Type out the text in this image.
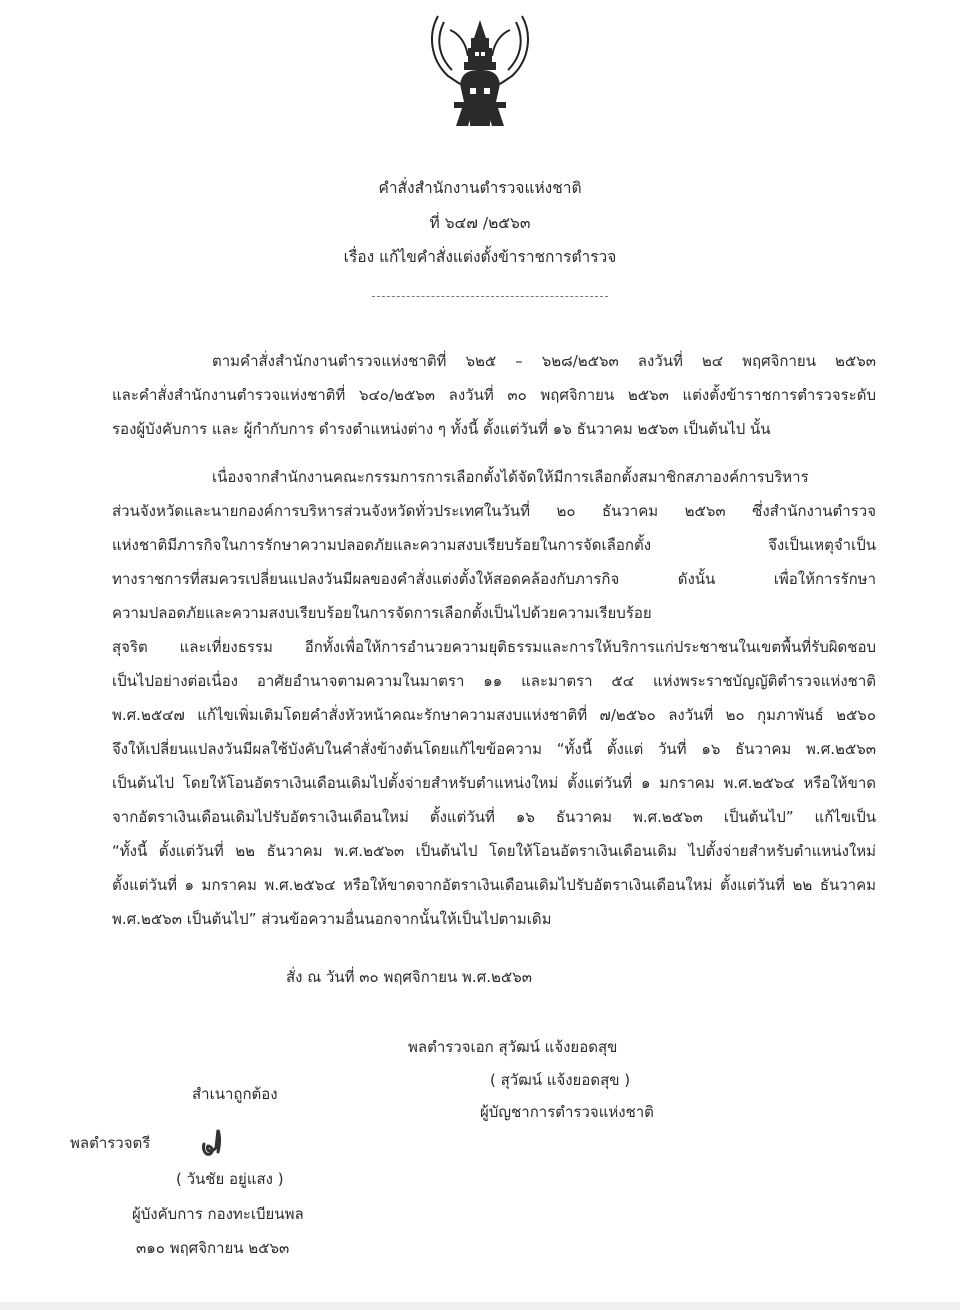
คำสั่งสำนักงานตำรวจแห่งชาติ
ที่ ๖๔๗ /๒๕๖๓
เรื่อง แก้ไขคำสั่งแต่งตั้งข้าราชการตำรวจ
ตามคำสั่งสำนักงานตำรวจแห่งชาติที่ ๖๒๕ – ๖๒๘/๒๕๖๓ ลงวันที่ ๒๔ พฤศจิกายน ๒๕๖๓
และคำสั่งสำนักงานตำรวจแห่งชาติที่ ๖๔๐/๒๕๖๓ ลงวันที่ ๓๐ พฤศจิกายน ๒๕๖๓ แต่งตั้งข้าราชการตำรวจระดับ
รองผู้บังคับการ และ ผู้กำกับการ ดำรงตำแหน่งต่าง ๆ ทั้งนี้ ตั้งแต่วันที่ ๑๖ ธันวาคม ๒๕๖๓ เป็นต้นไป นั้น
เนื่องจากสำนักงานคณะกรรมการการเลือกตั้งได้จัดให้มีการเลือกตั้งสมาชิกสภาองค์การบริหาร
ส่วนจังหวัดและนายกองค์การบริหารส่วนจังหวัดทั่วประเทศในวันที่ ๒๐ ธันวาคม ๒๕๖๓ ซึ่งสำนักงานตำรวจ
แห่งชาติมีภารกิจในการรักษาความปลอดภัยและความสงบเรียบร้อยในการจัดเลือกตั้ง จึงเป็นเหตุจำเป็น
ทางราชการที่สมควรเปลี่ยนแปลงวันมีผลของคำสั่งแต่งตั้งให้สอดคล้องกับภารกิจ ดังนั้น เพื่อให้การรักษา
ความปลอดภัยและความสงบเรียบร้อยในการจัดการเลือกตั้งเป็นไปด้วยความเรียบร้อย
สุจริต และเที่ยงธรรม อีกทั้งเพื่อให้การอำนวยความยุติธรรมและการให้บริการแก่ประชาชนในเขตพื้นที่รับผิดชอบ
เป็นไปอย่างต่อเนื่อง อาศัยอำนาจตามความในมาตรา ๑๑ และมาตรา ๕๔ แห่งพระราชบัญญัติตำรวจแห่งชาติ
พ.ศ.๒๕๔๗ แก้ไขเพิ่มเติมโดยคำสั่งหัวหน้าคณะรักษาความสงบแห่งชาติที่ ๗/๒๕๖๐ ลงวันที่ ๒๐ กุมภาพันธ์ ๒๕๖๐
จึงให้เปลี่ยนแปลงวันมีผลใช้บังคับในคำสั่งข้างต้นโดยแก้ไขข้อความ “ทั้งนี้ ตั้งแต่ วันที่ ๑๖ ธันวาคม พ.ศ.๒๕๖๓
เป็นต้นไป โดยให้โอนอัตราเงินเดือนเดิมไปตั้งจ่ายสำหรับตำแหน่งใหม่ ตั้งแต่วันที่ ๑ มกราคม พ.ศ.๒๕๖๔ หรือให้ขาด
จากอัตราเงินเดือนเดิมไปรับอัตราเงินเดือนใหม่ ตั้งแต่วันที่ ๑๖ ธันวาคม พ.ศ.๒๕๖๓ เป็นต้นไป” แก้ไขเป็น
“ทั้งนี้ ตั้งแต่วันที่ ๒๒ ธันวาคม พ.ศ.๒๕๖๓ เป็นต้นไป โดยให้โอนอัตราเงินเดือนเดิม ไปตั้งจ่ายสำหรับตำแหน่งใหม่
ตั้งแต่วันที่ ๑ มกราคม พ.ศ.๒๕๖๔ หรือให้ขาดจากอัตราเงินเดือนเดิมไปรับอัตราเงินเดือนใหม่ ตั้งแต่วันที่ ๒๒ ธันวาคม
พ.ศ.๒๕๖๓ เป็นต้นไป” ส่วนข้อความอื่นนอกจากนั้นให้เป็นไปตามเดิม
สั่ง ณ วันที่ ๓๐ พฤศจิกายน พ.ศ.๒๕๖๓
พลตำรวจเอก สุวัฒน์ แจ้งยอดสุข
( สุวัฒน์ แจ้งยอดสุข )
ผู้บัญชาการตำรวจแห่งชาติ
สำเนาถูกต้อง
พลตำรวจตรี
( วันชัย อยู่แสง )
ผู้บังคับการ กองทะเบียนพล
๓๑๐ พฤศจิกายน ๒๕๖๓
